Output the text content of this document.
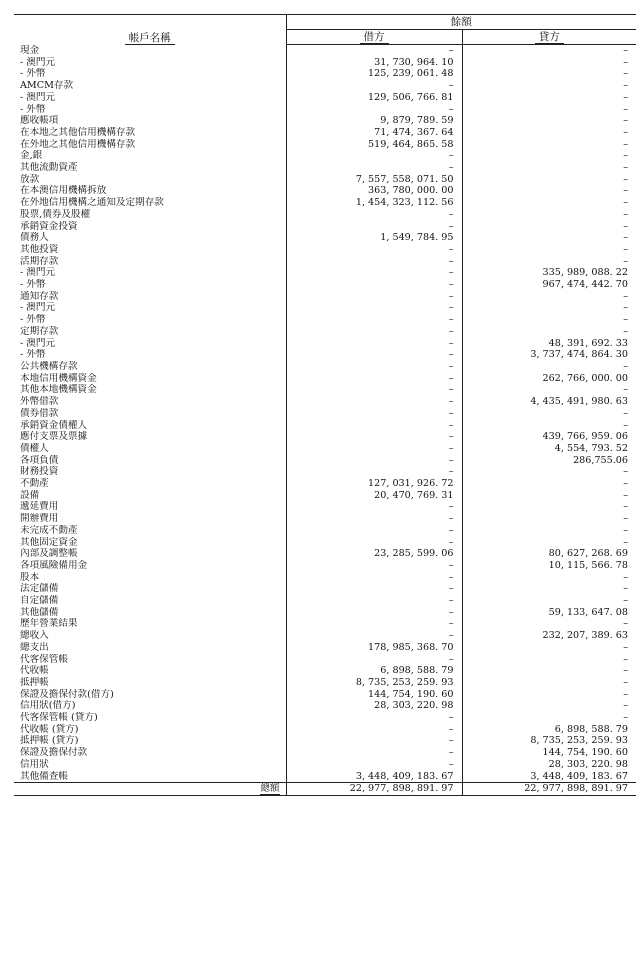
帳戶名稱	餘額	
	借方	貸方
現金	–	–
- 澳門元	31, 730, 964. 10	–
- 外幣	125, 239, 061. 48	–
AMCM存款	–	–
- 澳門元	129, 506, 766. 81	–
- 外幣	–	–
應收帳項	9, 879, 789. 59	–
在本地之其他信用機構存款	71, 474, 367. 64	–
在外地之其他信用機構存款	519, 464, 865. 58	–
金,銀	–	–
其他流動資產	–	–
放款	7, 557, 558, 071. 50	–
在本澳信用機構拆放	363, 780, 000. 00	–
在外地信用機構之通知及定期存款	1, 454, 323, 112. 56	–
股票,債券及股權	–	–
承銷資金投資	–	–
債務人	1, 549, 784. 95	–
其他投資	–	–
活期存款	–	–
- 澳門元	–	335, 989, 088. 22
- 外幣	–	967, 474, 442. 70
通知存款	–	–
- 澳門元	–	–
- 外幣	–	–
定期存款	–	–
- 澳門元	–	48, 391, 692. 33
- 外幣	–	3, 737, 474, 864. 30
公共機構存款	–	–
本地信用機構資金	–	262, 766, 000. 00
其他本地機構資金	–	–
外幣借款	–	4, 435, 491, 980. 63
債券借款	–	–
承銷資金債權人	–	–
應付支票及票據	–	439, 766, 959. 06
債權人	–	4, 554, 793. 52
各項負債	–	286,755.06
財務投資	–	–
不動產	127, 031, 926. 72	–
設備	20, 470, 769. 31	–
遞延費用	–	–
開辦費用	–	–
未完成不動產	–	–
其他固定資金	–	–
內部及調整帳	23, 285, 599. 06	80, 627, 268. 69
各項風險備用金	–	10, 115, 566. 78
股本	–	–
法定儲備	–	–
自定儲備	–	–
其他儲備	–	59, 133, 647. 08
歷年營業結果	–	–
總收入	–	232, 207, 389. 63
總支出	178, 985, 368. 70	–
代客保管帳	–	–
代收帳	6, 898, 588. 79	–
抵押帳	8, 735, 253, 259. 93	–
保證及擔保付款(借方)	144, 754, 190. 60	–
信用狀(借方)	28, 303, 220. 98	–
代客保管帳 (貸方)	–	–
代收帳 (貸方)	–	6, 898, 588. 79
抵押帳 (貸方)	–	8, 735, 253, 259. 93
保證及擔保付款	–	144, 754, 190. 60
信用狀	–	28, 303, 220. 98
其他備查帳	3, 448, 409, 183. 67	3, 448, 409, 183. 67
總額	22, 977, 898, 891. 97	22, 977, 898, 891. 97
